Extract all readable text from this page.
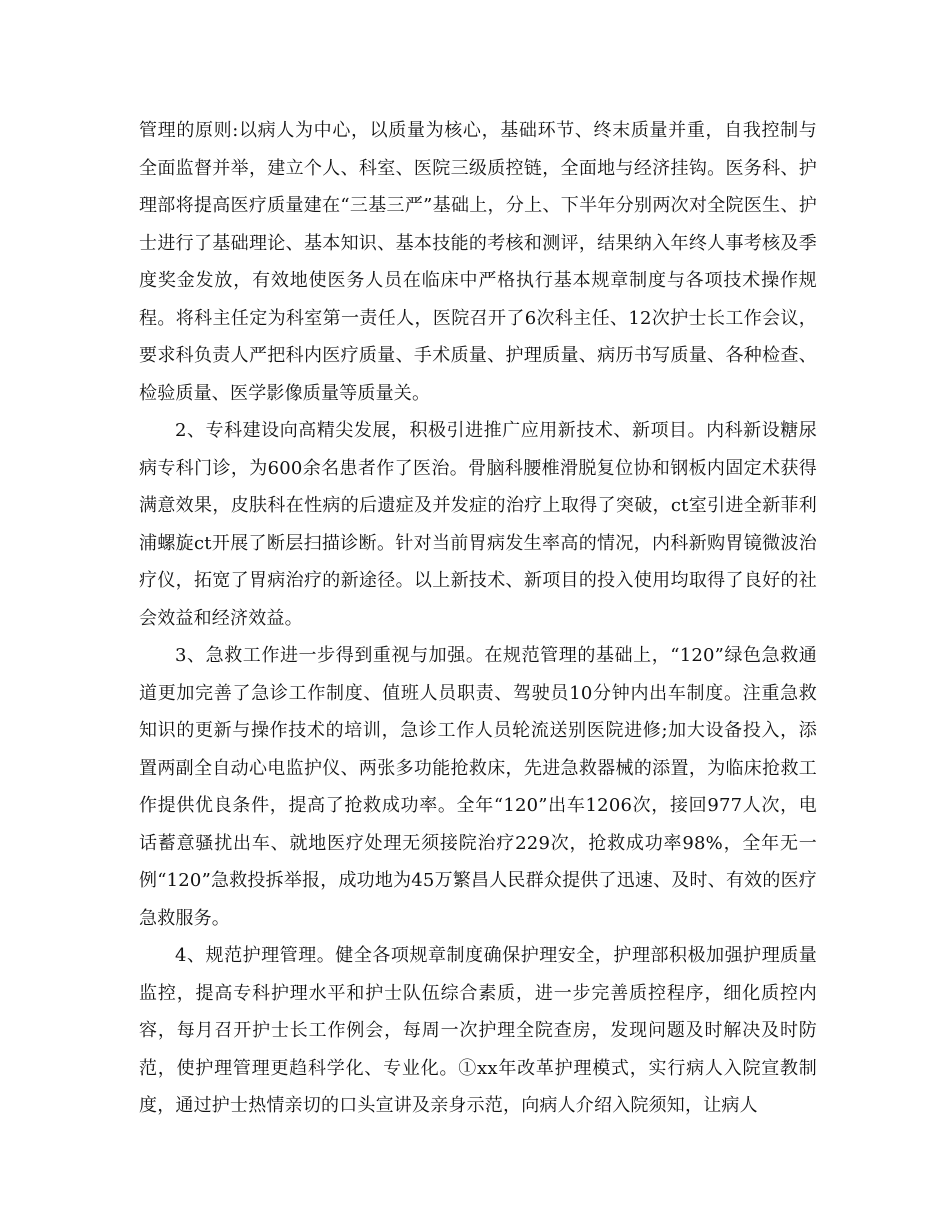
管理的原则:以病人为中心，以质量为核心，基础环节、终末质量并重，自我控制与全面监督并举，建立个人、科室、医院三级质控链，全面地与经济挂钩。医务科、护理部将提高医疗质量建在“三基三严”基础上，分上、下半年分别两次对全院医生、护士进行了基础理论、基本知识、基本技能的考核和测评，结果纳入年终人事考核及季度奖金发放，有效地使医务人员在临床中严格执行基本规章制度与各项技术操作规程。将科主任定为科室第一责任人，医院召开了6次科主任、12次护士长工作会议，要求科负责人严把科内医疗质量、手术质量、护理质量、病历书写质量、各种检查、检验质量、医学影像质量等质量关。

2、专科建设向高精尖发展，积极引进推广应用新技术、新项目。内科新设糖尿病专科门诊，为600余名患者作了医治。骨脑科腰椎滑脱复位协和钢板内固定术获得满意效果，皮肤科在性病的后遗症及并发症的治疗上取得了突破，ct室引进全新菲利浦螺旋ct开展了断层扫描诊断。针对当前胃病发生率高的情况，内科新购胃镜微波治疗仪，拓宽了胃病治疗的新途径。以上新技术、新项目的投入使用均取得了良好的社会效益和经济效益。

3、急救工作进一步得到重视与加强。在规范管理的基础上，“120”绿色急救通道更加完善了急诊工作制度、值班人员职责、驾驶员10分钟内出车制度。注重急救知识的更新与操作技术的培训，急诊工作人员轮流送别医院进修;加大设备投入，添置两副全自动心电监护仪、两张多功能抢救床，先进急救器械的添置，为临床抢救工作提供优良条件，提高了抢救成功率。全年“120”出车1206次，接回977人次，电话蓄意骚扰出车、就地医疗处理无须接院治疗229次，抢救成功率98%，全年无一例“120”急救投拆举报，成功地为45万繁昌人民群众提供了迅速、及时、有效的医疗急救服务。

4、规范护理管理。健全各项规章制度确保护理安全，护理部积极加强护理质量监控，提高专科护理水平和护士队伍综合素质，进一步完善质控程序，细化质控内容，每月召开护士长工作例会，每周一次护理全院查房，发现问题及时解决及时防范，使护理管理更趋科学化、专业化。①xx年改革护理模式，实行病人入院宣教制度，通过护士热情亲切的口头宣讲及亲身示范，向病人介绍入院须知，让病人
